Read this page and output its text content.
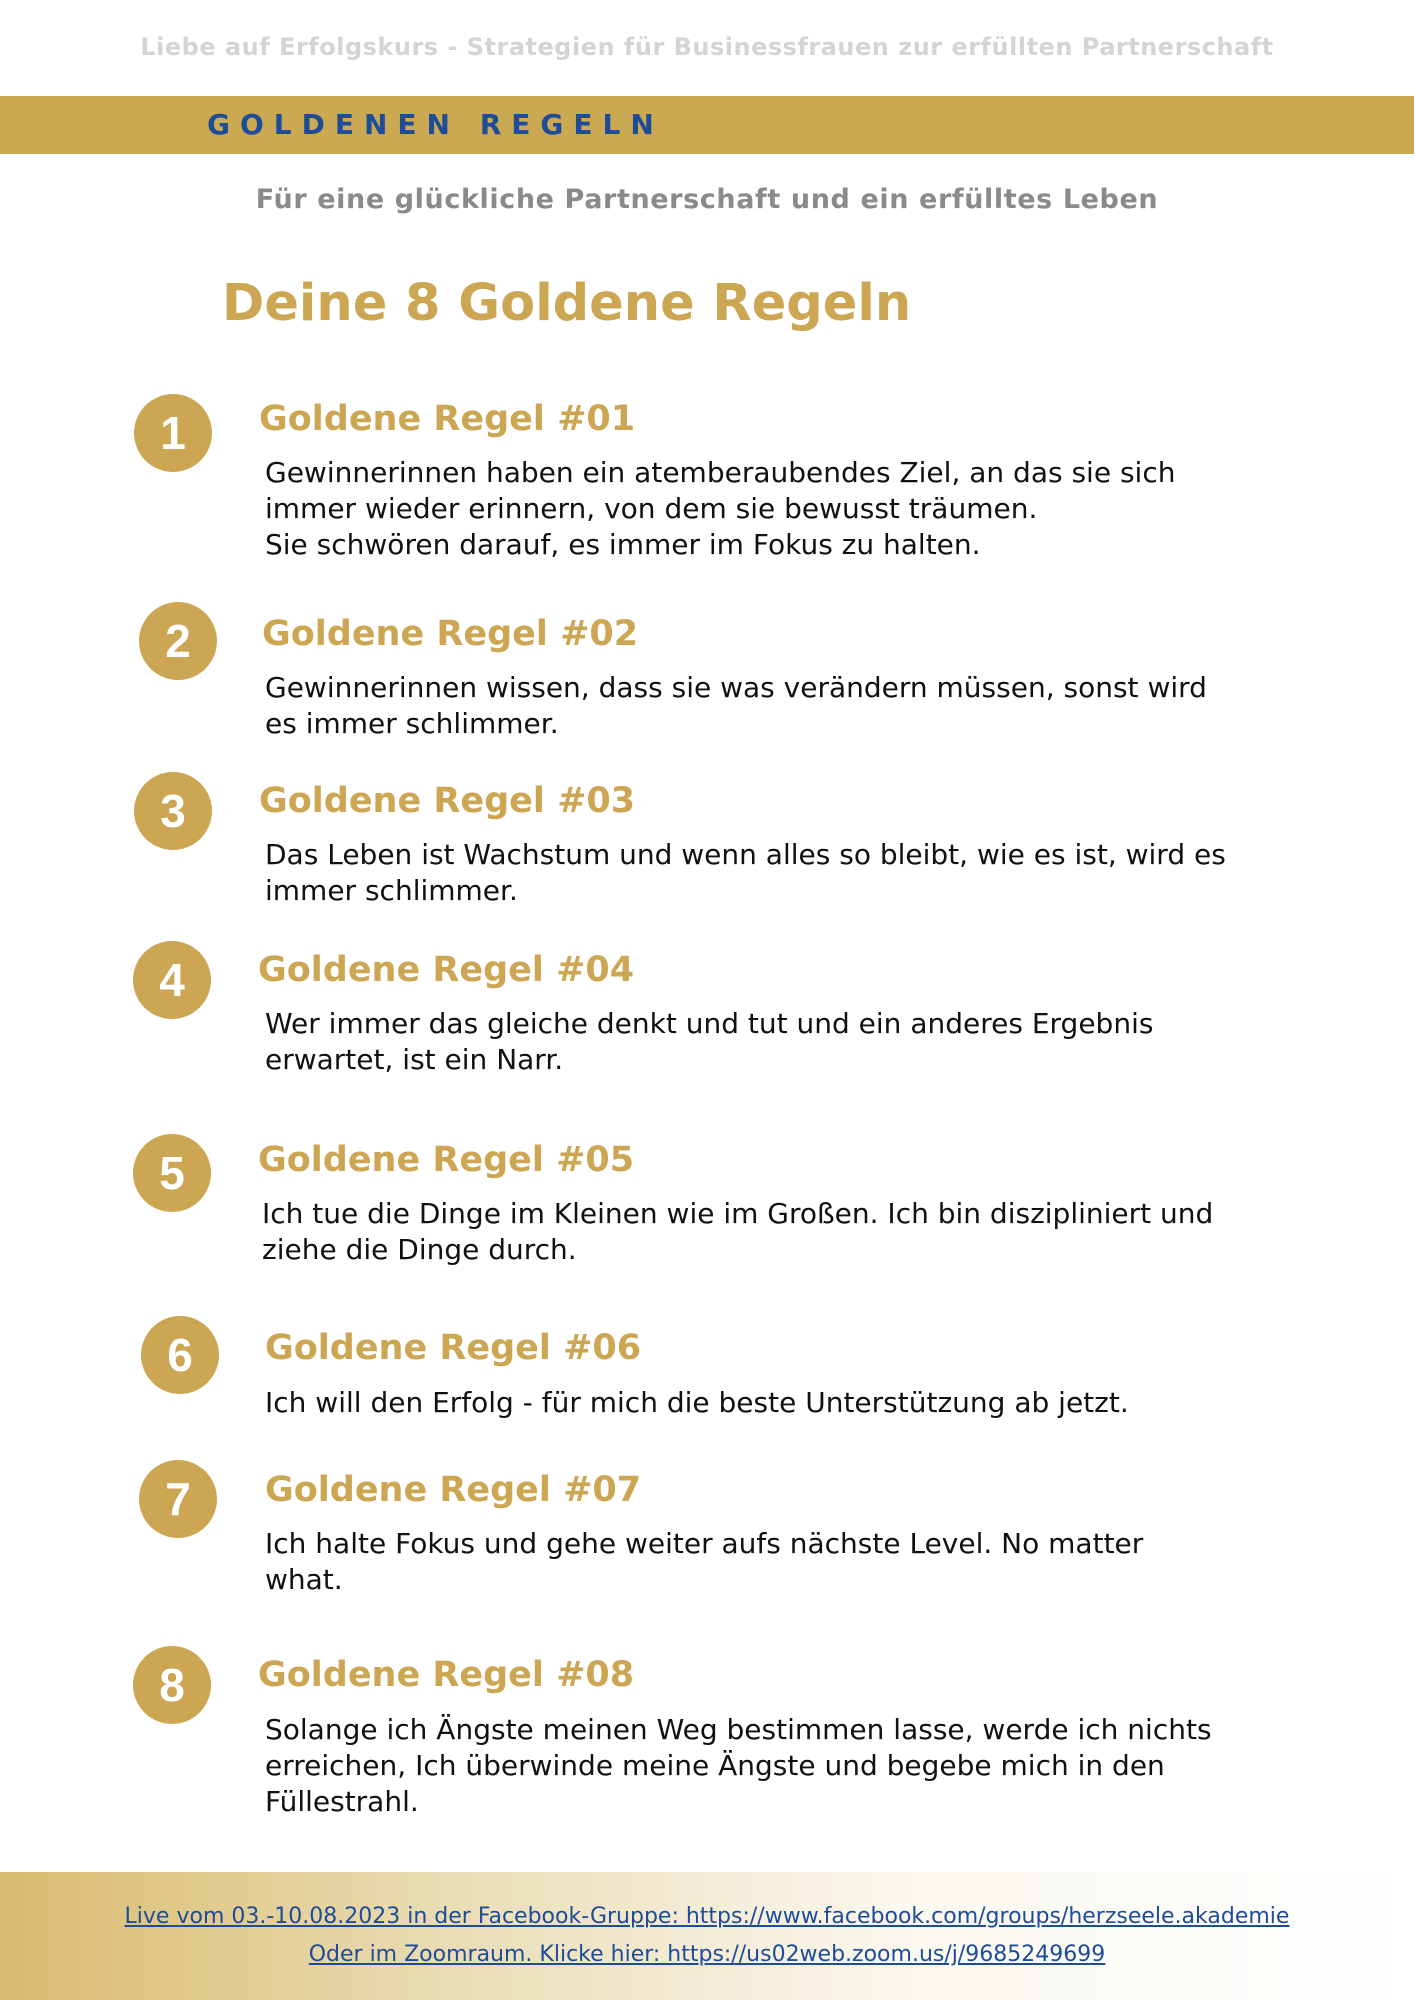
Liebe auf Erfolgskurs - Strategien für Businessfrauen zur erfüllten Partnerschaft
GOLDENEN REGELN
Für eine glückliche Partnerschaft und ein erfülltes Leben
Deine 8 Goldene Regeln
1	Goldene Regel #01
Gewinnerinnen haben ein atemberaubendes Ziel, an das sie sich
immer wieder erinnern, von dem sie bewusst träumen.
Sie schwören darauf, es immer im Fokus zu halten.
2	Goldene Regel #02
Gewinnerinnen wissen, dass sie was verändern müssen, sonst wird
es immer schlimmer.
3	Goldene Regel #03
Das Leben ist Wachstum und wenn alles so bleibt, wie es ist, wird es
immer schlimmer.
4	Goldene Regel #04
Wer immer das gleiche denkt und tut und ein anderes Ergebnis
erwartet, ist ein Narr.
5	Goldene Regel #05
Ich tue die Dinge im Kleinen wie im Großen. Ich bin diszipliniert und
ziehe die Dinge durch.
6	Goldene Regel #06
Ich will den Erfolg - für mich die beste Unterstützung ab jetzt.
7	Goldene Regel #07
Ich halte Fokus und gehe weiter aufs nächste Level. No matter
what.
8	Goldene Regel #08
Solange ich Ängste meinen Weg bestimmen lasse, werde ich nichts
erreichen, Ich überwinde meine Ängste und begebe mich in den
Füllestrahl.
Live vom 03.-10.08.2023 in der Facebook-Gruppe: https://www.facebook.com/groups/herzseele.akademie
Oder im Zoomraum. Klicke hier: https://us02web.zoom.us/j/9685249699
